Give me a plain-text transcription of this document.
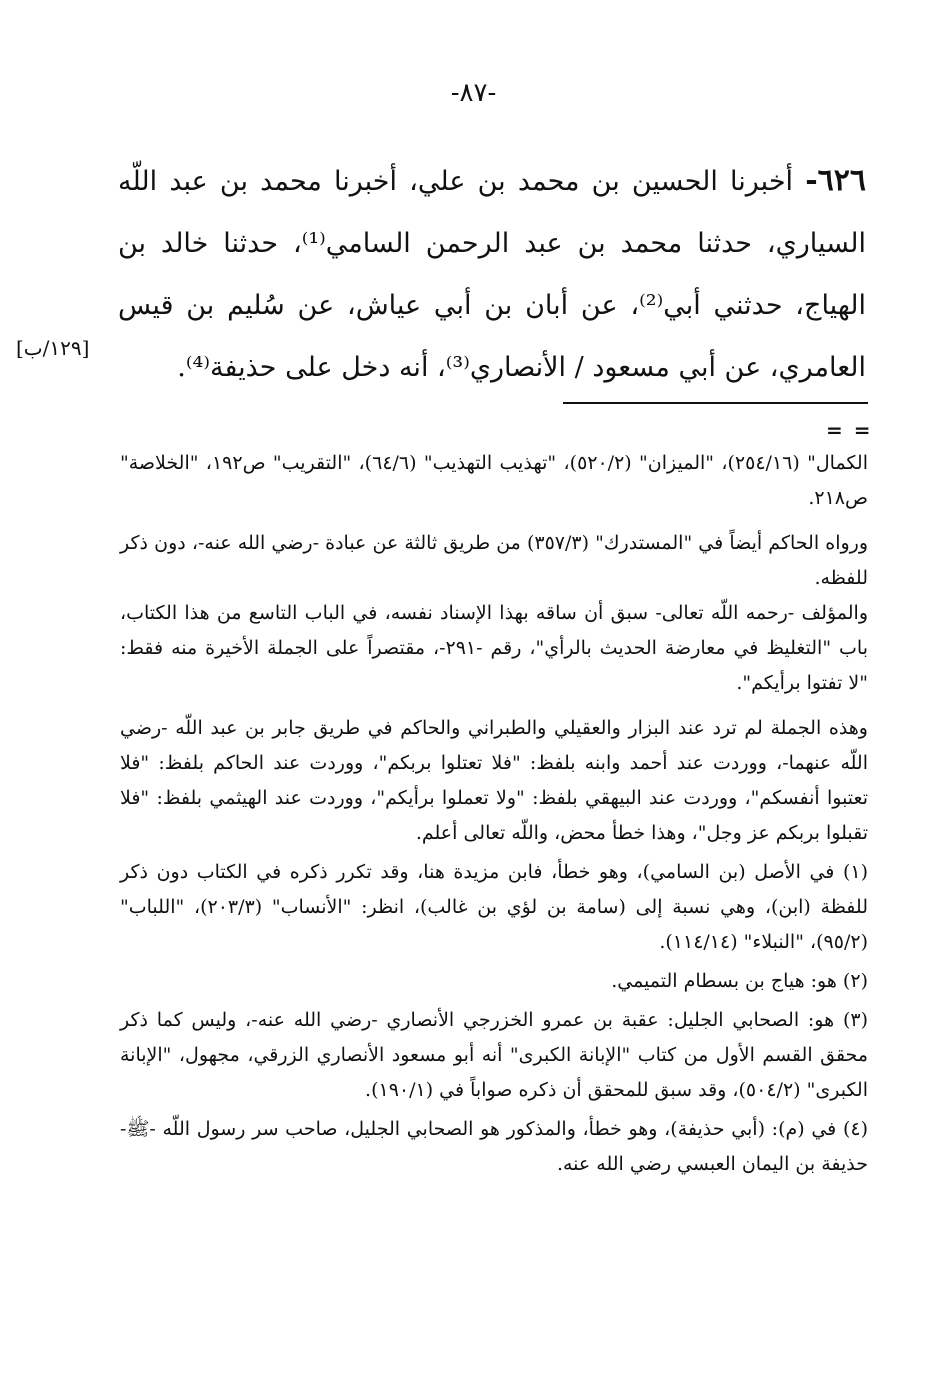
-٨٧-
٦٢٦- أخبرنا الحسين بن محمد بن علي، أخبرنا محمد بن عبد اللّه السياري، حدثنا محمد بن عبد الرحمن السامي⁽¹⁾، حدثنا خالد بن الهياج، حدثني أبي⁽²⁾، عن أبان بن أبي عياش، عن سُليم بن قيس العامري، عن أبي مسعود / الأنصاري⁽³⁾، أنه دخل على حذيفة⁽⁴⁾.
[١٢٩/ب]
= =

الكمال" (٢٥٤/١٦)، "الميزان" (٥٢٠/٢)، "تهذيب التهذيب" (٦٤/٦)، "التقريب" ص١٩٢، "الخلاصة" ص٢١٨.

ورواه الحاكم أيضاً في "المستدرك" (٣٥٧/٣) من طريق ثالثة عن عبادة -رضي الله عنه-، دون ذكر للفظه.

والمؤلف -رحمه اللّه تعالى- سبق أن ساقه بهذا الإسناد نفسه، في الباب التاسع من هذا الكتاب، باب "التغليظ في معارضة الحديث بالرأي"، رقم -٢٩١-، مقتصراً على الجملة الأخيرة منه فقط: "لا تفتوا برأيكم".

وهذه الجملة لم ترد عند البزار والعقيلي والطبراني والحاكم في طريق جابر بن عبد اللّه -رضي اللّه عنهما-، ووردت عند أحمد وابنه بلفظ: "فلا تعتلوا بربكم"، ووردت عند الحاكم بلفظ: "فلا تعتبوا أنفسكم"، ووردت عند البيهقي بلفظ: "ولا تعملوا برأيكم"، ووردت عند الهيثمي بلفظ: "فلا تقبلوا بربكم عز وجل"، وهذا خطأ محض، واللّه تعالى أعلم.

(١) في الأصل (بن السامي)، وهو خطأ، فابن مزيدة هنا، وقد تكرر ذكره في الكتاب دون ذكر للفظة (ابن)، وهي نسبة إلى (سامة بن لؤي بن غالب)، انظر: "الأنساب" (٢٠٣/٣)، "اللباب" (٩٥/٢)، "النبلاء" (١١٤/١٤).

(٢) هو: هياج بن بسطام التميمي.

(٣) هو: الصحابي الجليل: عقبة بن عمرو الخزرجي الأنصاري -رضي الله عنه-، وليس كما ذكر محقق القسم الأول من كتاب "الإبانة الكبرى" أنه أبو مسعود الأنصاري الزرقي، مجهول، "الإبانة الكبرى" (٥٠٤/٢)، وقد سبق للمحقق أن ذكره صواباً في (١٩٠/١).

(٤) في (م): (أبي حذيفة)، وهو خطأ، والمذكور هو الصحابي الجليل، صاحب سر رسول اللّه -ﷺ- حذيفة بن اليمان العبسي رضي الله عنه.
